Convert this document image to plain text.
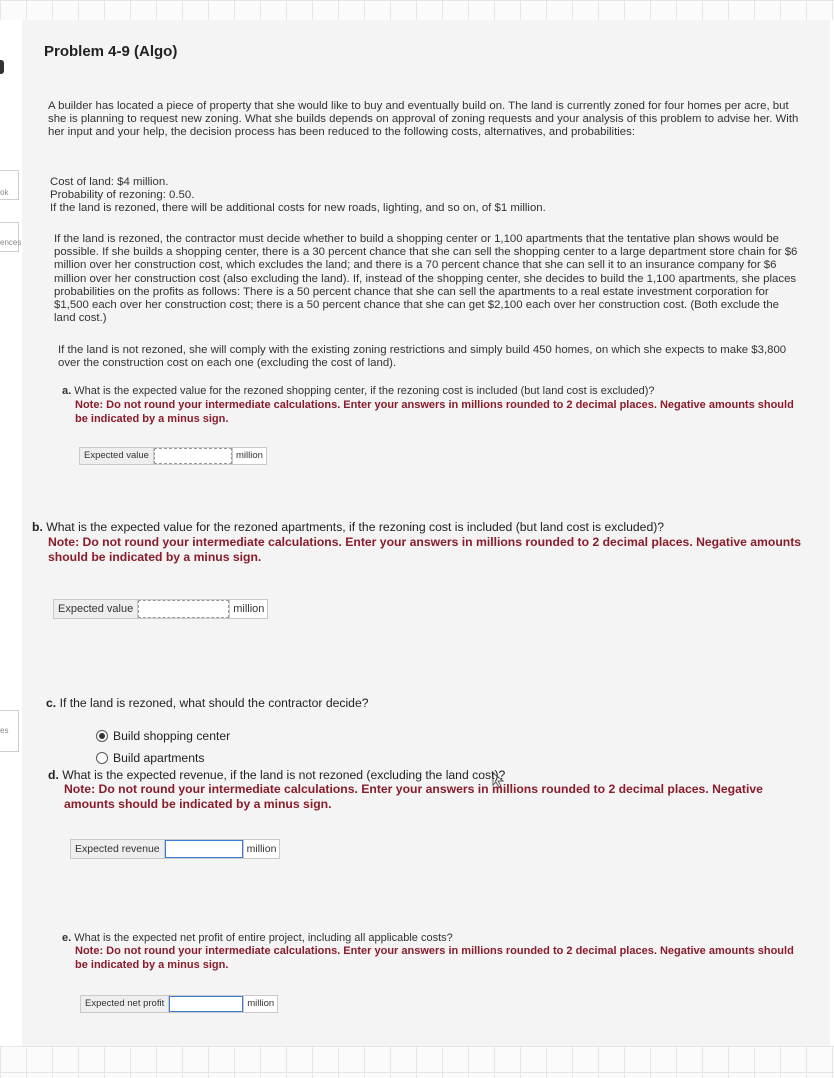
ok
ences
es
Problem 4-9 (Algo)

A builder has located a piece of property that she would like to buy and eventually build on. The land is currently zoned for four homes per acre, but she is planning to request new zoning. What she builds depends on approval of zoning requests and your analysis of this problem to advise her. With her input and your help, the decision process has been reduced to the following costs, alternatives, and probabilities:

Cost of land: $4 million.
Probability of rezoning: 0.50.
If the land is rezoned, there will be additional costs for new roads, lighting, and so on, of $1 million.

If the land is rezoned, the contractor must decide whether to build a shopping center or 1,100 apartments that the tentative plan shows would be possible. If she builds a shopping center, there is a 30 percent chance that she can sell the shopping center to a large department store chain for $6 million over her construction cost, which excludes the land; and there is a 70 percent chance that she can sell it to an insurance company for $6 million over her construction cost (also excluding the land). If, instead of the shopping center, she decides to build the 1,100 apartments, she places probabilities on the profits as follows: There is a 50 percent chance that she can sell the apartments to a real estate investment corporation for $1,500 each over her construction cost; there is a 50 percent chance that she can get $2,100 each over her construction cost. (Both exclude the land cost.)

If the land is not rezoned, she will comply with the existing zoning restrictions and simply build 450 homes, on which she expects to make $3,800 over the construction cost on each one (excluding the cost of land).

a. What is the expected value for the rezoned shopping center, if the rezoning cost is included (but land cost is excluded)?
Note: Do not round your intermediate calculations. Enter your answers in millions rounded to 2 decimal places. Negative amounts should be indicated by a minus sign.
Expected value	million
b. What is the expected value for the rezoned apartments, if the rezoning cost is included (but land cost is excluded)?
Note: Do not round your intermediate calculations. Enter your answers in millions rounded to 2 decimal places. Negative amounts should be indicated by a minus sign.
Expected value	million
c. If the land is rezoned, what should the contractor decide?
Build shopping center
Build apartments
d. What is the expected revenue, if the land is not rezoned (excluding the land cost)?
Note: Do not round your intermediate calculations. Enter your answers in millions rounded to 2 decimal places. Negative amounts should be indicated by a minus sign.
Expected revenue	million
e. What is the expected net profit of entire project, including all applicable costs?
Note: Do not round your intermediate calculations. Enter your answers in millions rounded to 2 decimal places. Negative amounts should be indicated by a minus sign.
Expected net profit	million
